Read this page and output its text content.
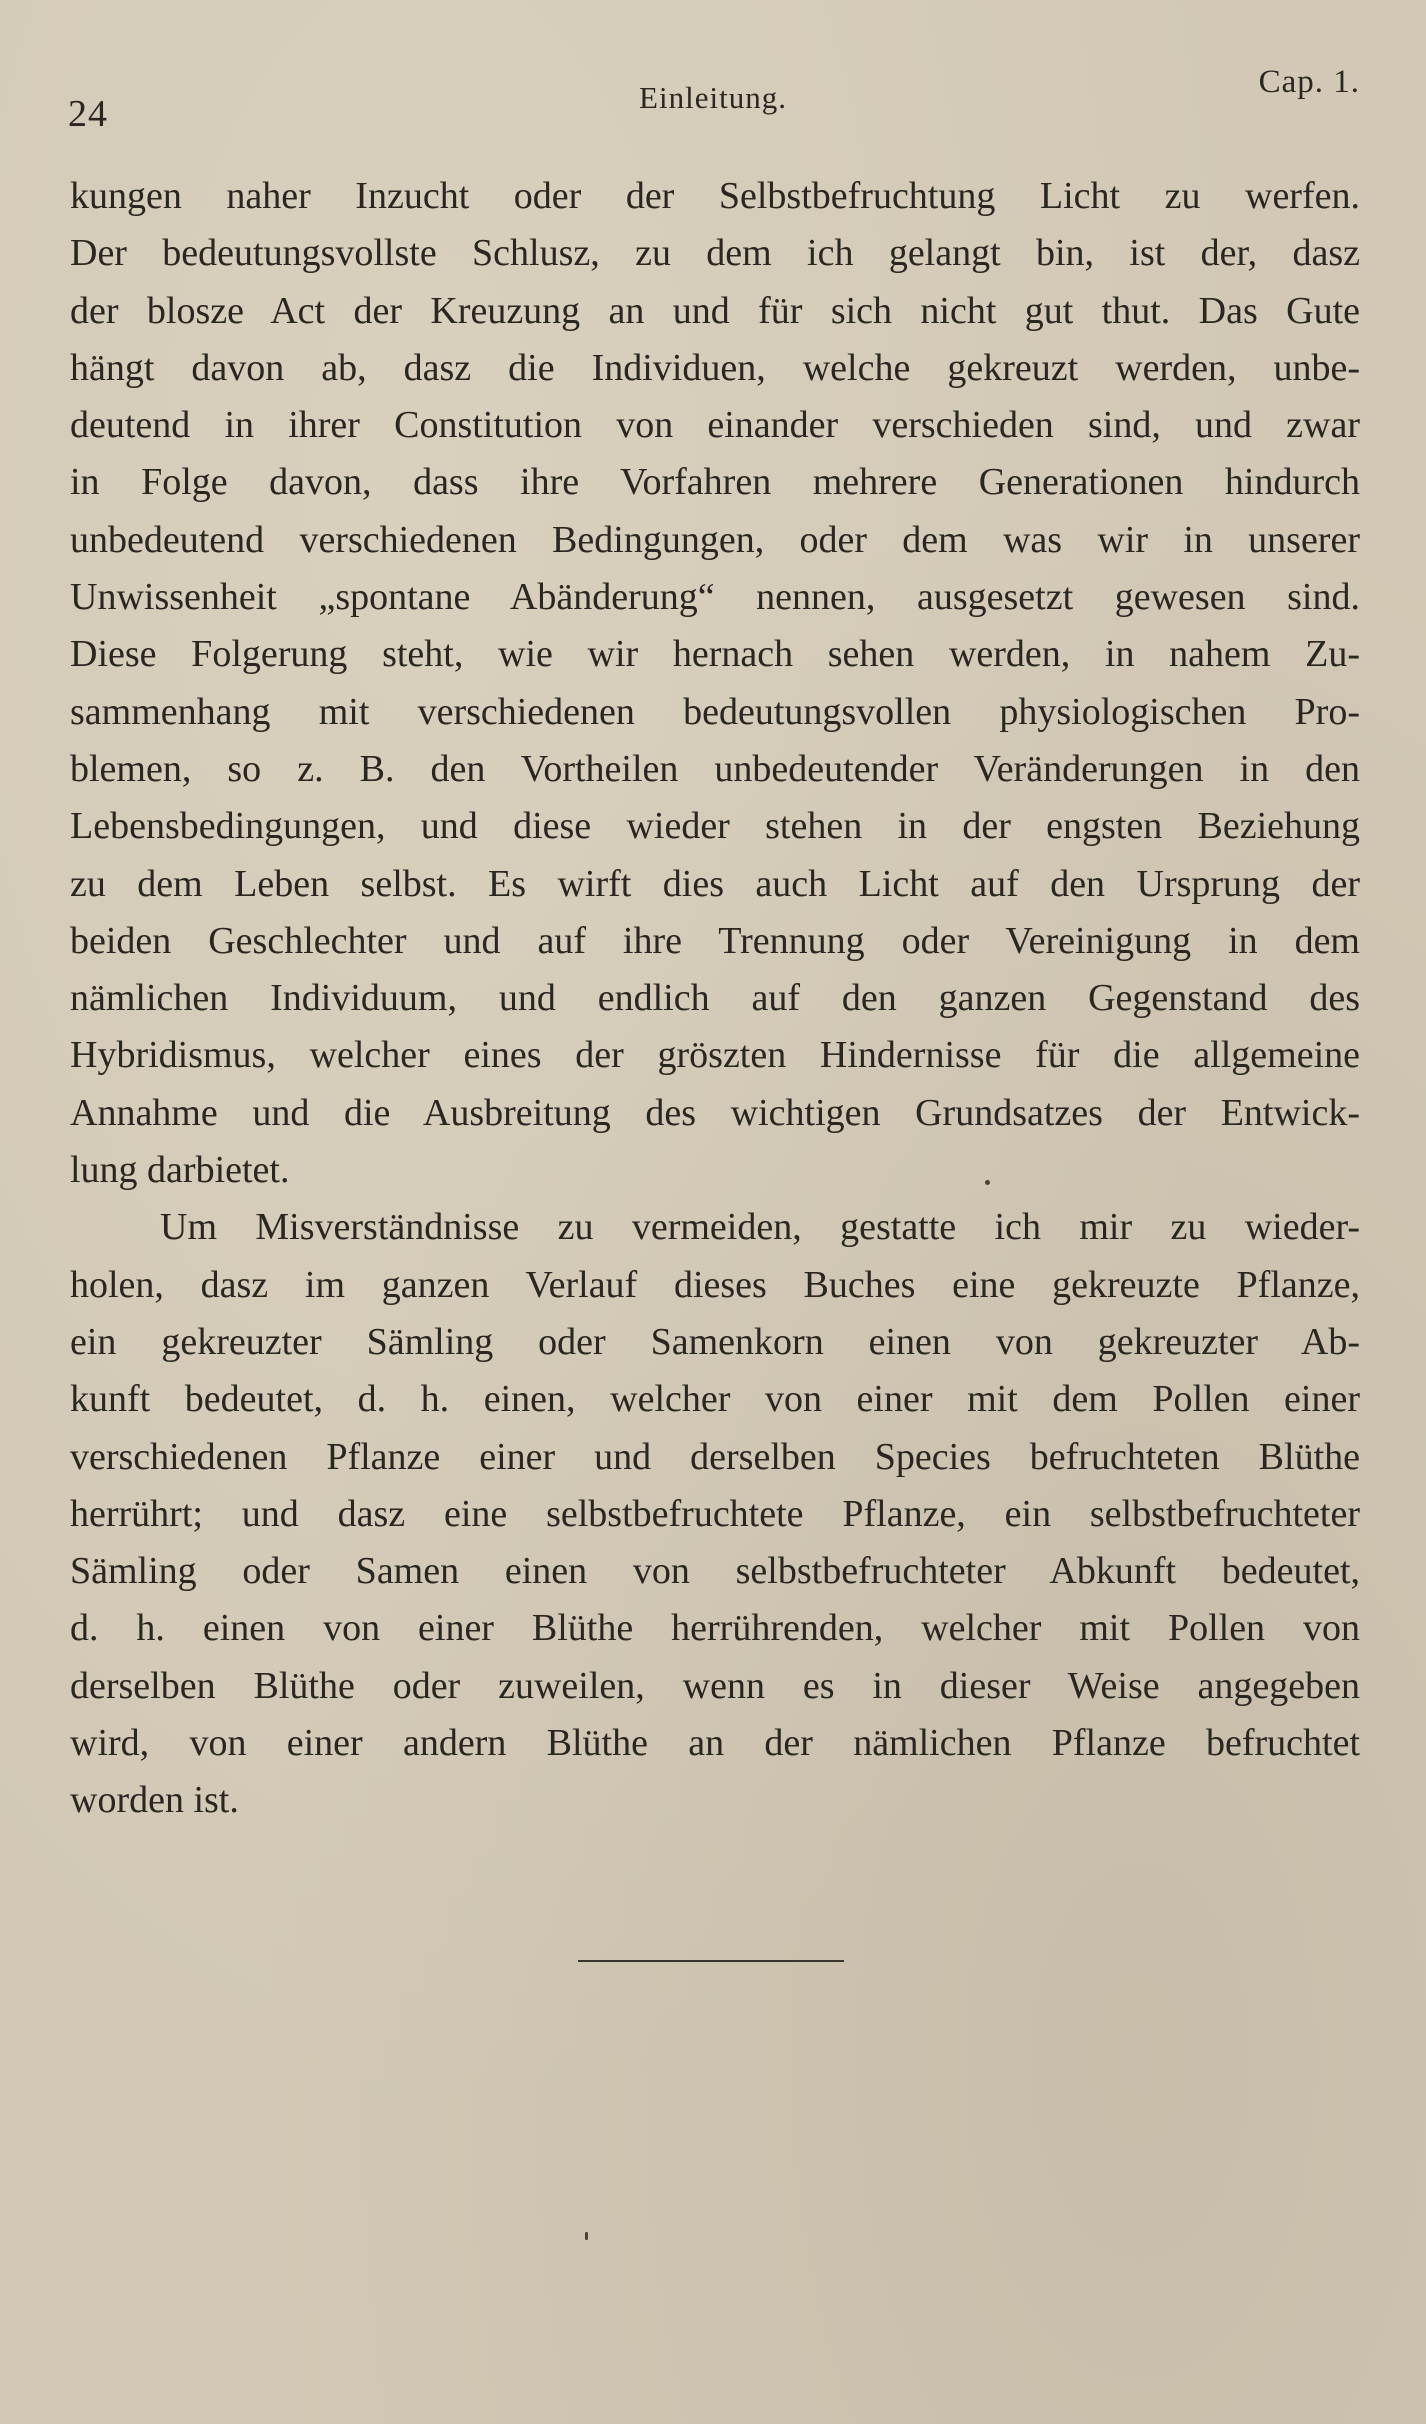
24	Einleitung.	Cap. 1.

kungen naher Inzucht oder der Selbstbefruchtung Licht zu werfen.
Der bedeutungsvollste Schlusz, zu dem ich gelangt bin, ist der, dasz
der blosze Act der Kreuzung an und für sich nicht gut thut. Das Gute
hängt davon ab, dasz die Individuen, welche gekreuzt werden, unbe-
deutend in ihrer Constitution von einander verschieden sind, und zwar
in Folge davon, dass ihre Vorfahren mehrere Generationen hindurch
unbedeutend verschiedenen Bedingungen, oder dem was wir in unserer
Unwissenheit „spontane Abänderung“ nennen, ausgesetzt gewesen sind.
Diese Folgerung steht, wie wir hernach sehen werden, in nahem Zu-
sammenhang mit verschiedenen bedeutungsvollen physiologischen Pro-
blemen, so z. B. den Vortheilen unbedeutender Veränderungen in den
Lebensbedingungen, und diese wieder stehen in der engsten Beziehung
zu dem Leben selbst. Es wirft dies auch Licht auf den Ursprung der
beiden Geschlechter und auf ihre Trennung oder Vereinigung in dem
nämlichen Individuum, und endlich auf den ganzen Gegenstand des
Hybridismus, welcher eines der gröszten Hindernisse für die allgemeine
Annahme und die Ausbreitung des wichtigen Grundsatzes der Entwick-
lung darbietet.

Um Misverständnisse zu vermeiden, gestatte ich mir zu wieder-
holen, dasz im ganzen Verlauf dieses Buches eine gekreuzte Pflanze,
ein gekreuzter Sämling oder Samenkorn einen von gekreuzter Ab-
kunft bedeutet, d. h. einen, welcher von einer mit dem Pollen einer
verschiedenen Pflanze einer und derselben Species befruchteten Blüthe
herrührt; und dasz eine selbstbefruchtete Pflanze, ein selbstbefruchteter
Sämling oder Samen einen von selbstbefruchteter Abkunft bedeutet,
d. h. einen von einer Blüthe herrührenden, welcher mit Pollen von
derselben Blüthe oder zuweilen, wenn es in dieser Weise angegeben
wird, von einer andern Blüthe an der nämlichen Pflanze befruchtet
worden ist.
